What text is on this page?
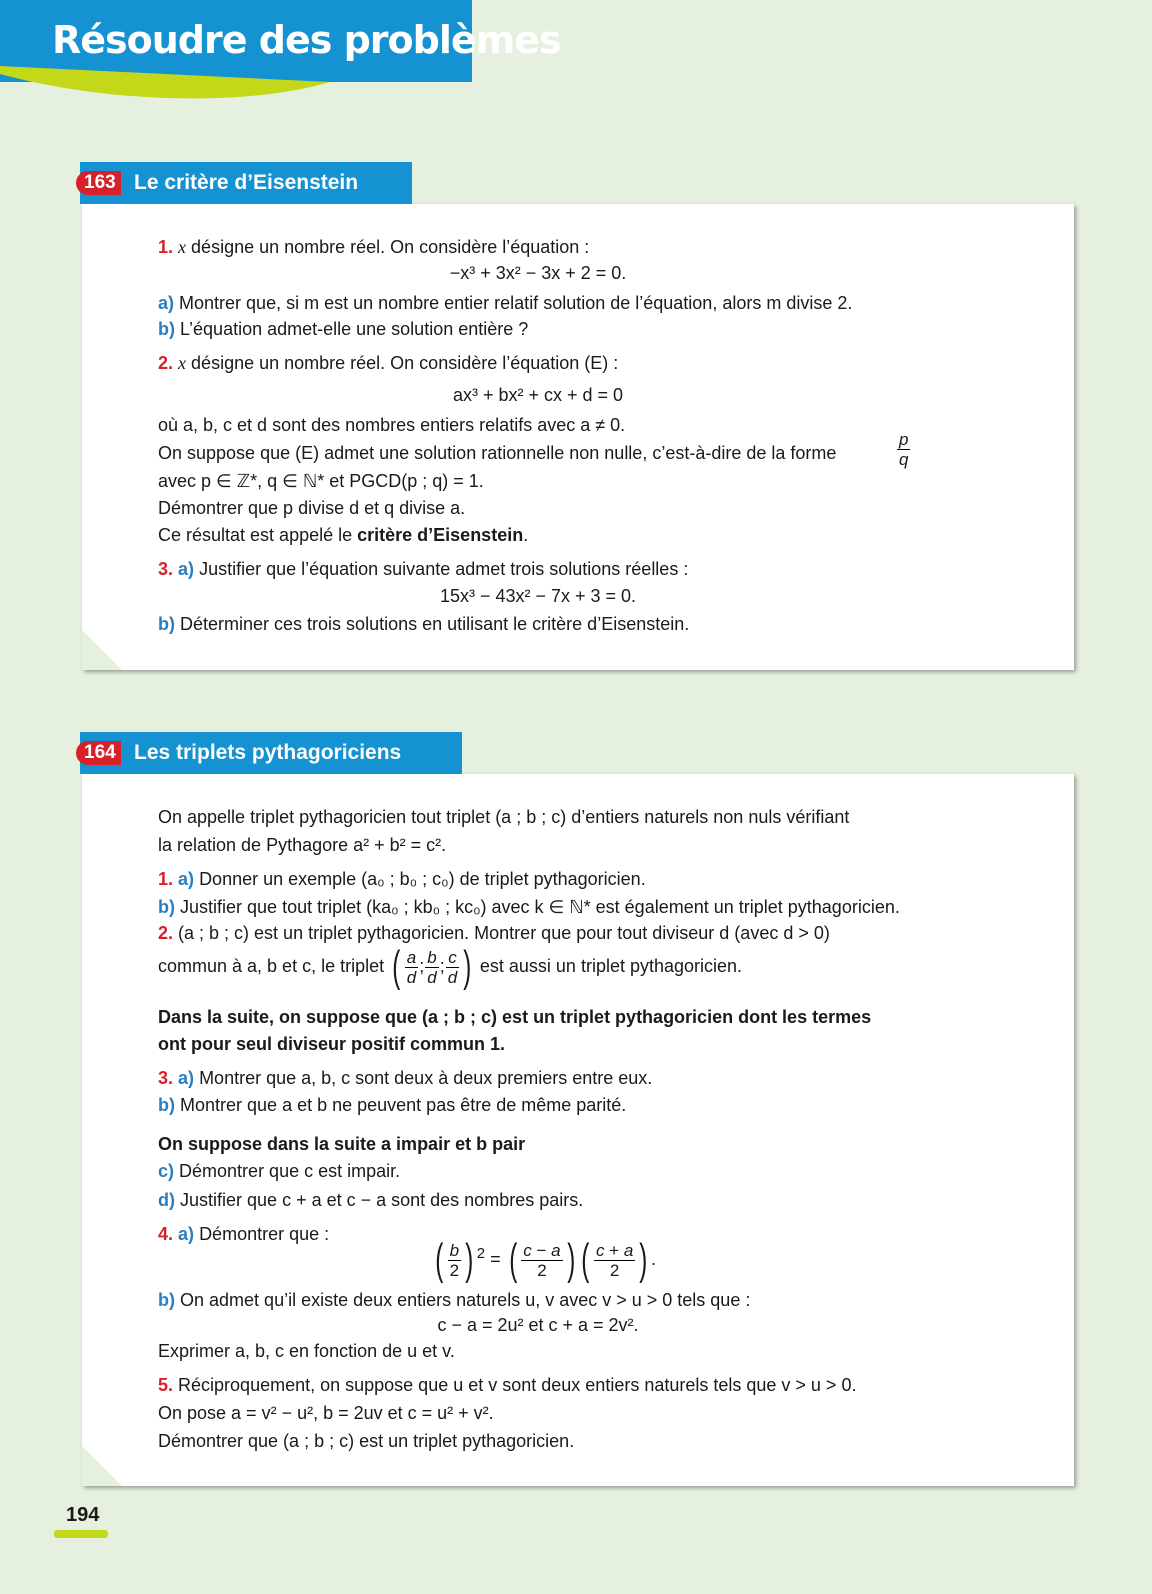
Résoudre des problèmes
163 Le critère d’Eisenstein
1. x désigne un nombre réel. On considère l’équation :
−x³ + 3x² − 3x + 2 = 0.
a) Montrer que, si m est un nombre entier relatif solution de l’équation, alors m divise 2.
b) L’équation admet-elle une solution entière ?
2. x désigne un nombre réel. On considère l’équation (E) :
ax³ + bx² + cx + d = 0
où a, b, c et d sont des nombres entiers relatifs avec a ≠ 0.
On suppose que (E) admet une solution rationnelle non nulle, c’est-à-dire de la forme
p
q
avec p ∈ ℤ*, q ∈ ℕ* et PGCD(p ; q) = 1.
Démontrer que p divise d et q divise a.
Ce résultat est appelé le critère d’Eisenstein.
3. a) Justifier que l’équation suivante admet trois solutions réelles :
15x³ − 43x² − 7x + 3 = 0.
b) Déterminer ces trois solutions en utilisant le critère d’Eisenstein.
164 Les triplets pythagoriciens
On appelle triplet pythagoricien tout triplet (a ; b ; c) d’entiers naturels non nuls vérifiant
la relation de Pythagore a² + b² = c².
1. a) Donner un exemple (a₀ ; b₀ ; c₀) de triplet pythagoricien.
b) Justifier que tout triplet (ka₀ ; kb₀ ; kc₀) avec k ∈ ℕ* est également un triplet pythagoricien.
2. (a ; b ; c) est un triplet pythagoricien. Montrer que pour tout diviseur d (avec d > 0)
commun à a, b et c, le triplet ( $\frac{a}{d}$ ; $\frac{b}{d}$ ; $\frac{c}{d}$ ) est aussi un triplet pythagoricien.
Dans la suite, on suppose que (a ; b ; c) est un triplet pythagoricien dont les termes
ont pour seul diviseur positif commun 1.
3. a) Montrer que a, b, c sont deux à deux premiers entre eux.
b) Montrer que a et b ne peuvent pas être de même parité.
On suppose dans la suite a impair et b pair
c) Démontrer que c est impair.
d) Justifier que c + a et c − a sont des nombres pairs.
4. a) Démontrer que :
( $\frac{b}{2}$ ) $^2$ = ( $\frac{c - a}{2}$ ) ( $\frac{c + a}{2}$ ) .
b) On admet qu’il existe deux entiers naturels u, v avec v > u > 0 tels que :
c − a = 2u² et c + a = 2v².
Exprimer a, b, c en fonction de u et v.
5. Réciproquement, on suppose que u et v sont deux entiers naturels tels que v > u > 0.
On pose a = v² − u², b = 2uv et c = u² + v².
Démontrer que (a ; b ; c) est un triplet pythagoricien.
194
